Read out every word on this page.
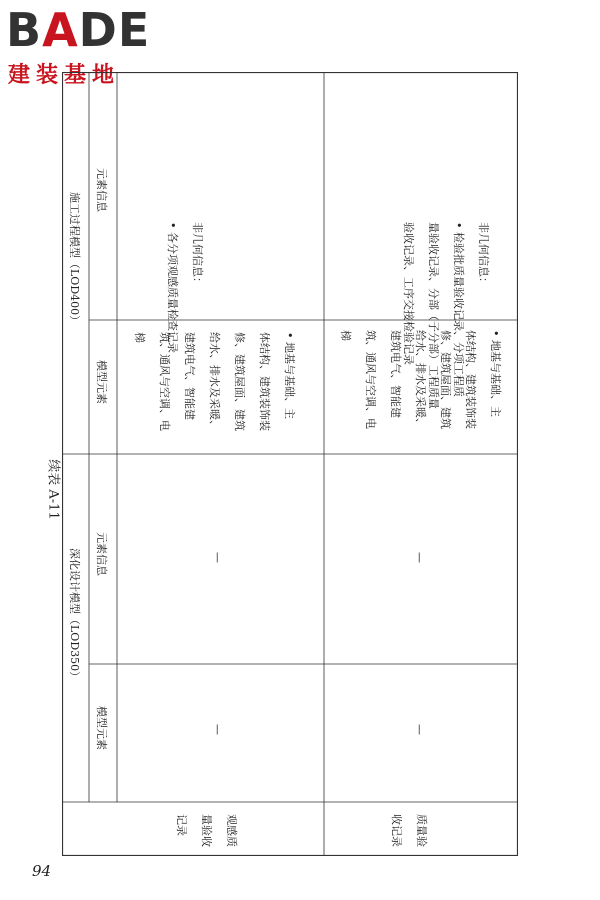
BADE
建装基地
续表 A-11
94
施工过程模型（LOD400）
深化设计模型（LOD350）
元素信息
模型元素
元素信息
模型元素
非几何信息：
• 各分项观感质量检查记录
• 地基与基础、主
体结构、建筑装饰装
修、建筑屋面、建筑
给水、排水及采暖、
建筑电气、智能建
筑、通风与空调、电
梯
—
—
观感质
量验收
记录
非几何信息：
• 检验批质量验收记录、分项工程质
量验收记录、分部（子分部）工程质量
验收记录、工序交接检验记录
• 地基与基础、主
体结构、建筑装饰装
修、建筑屋面、建筑
给水、排水及采暖、
建筑电气、智能建
筑、通风与空调、电
梯
—
—
质量验
收记录
